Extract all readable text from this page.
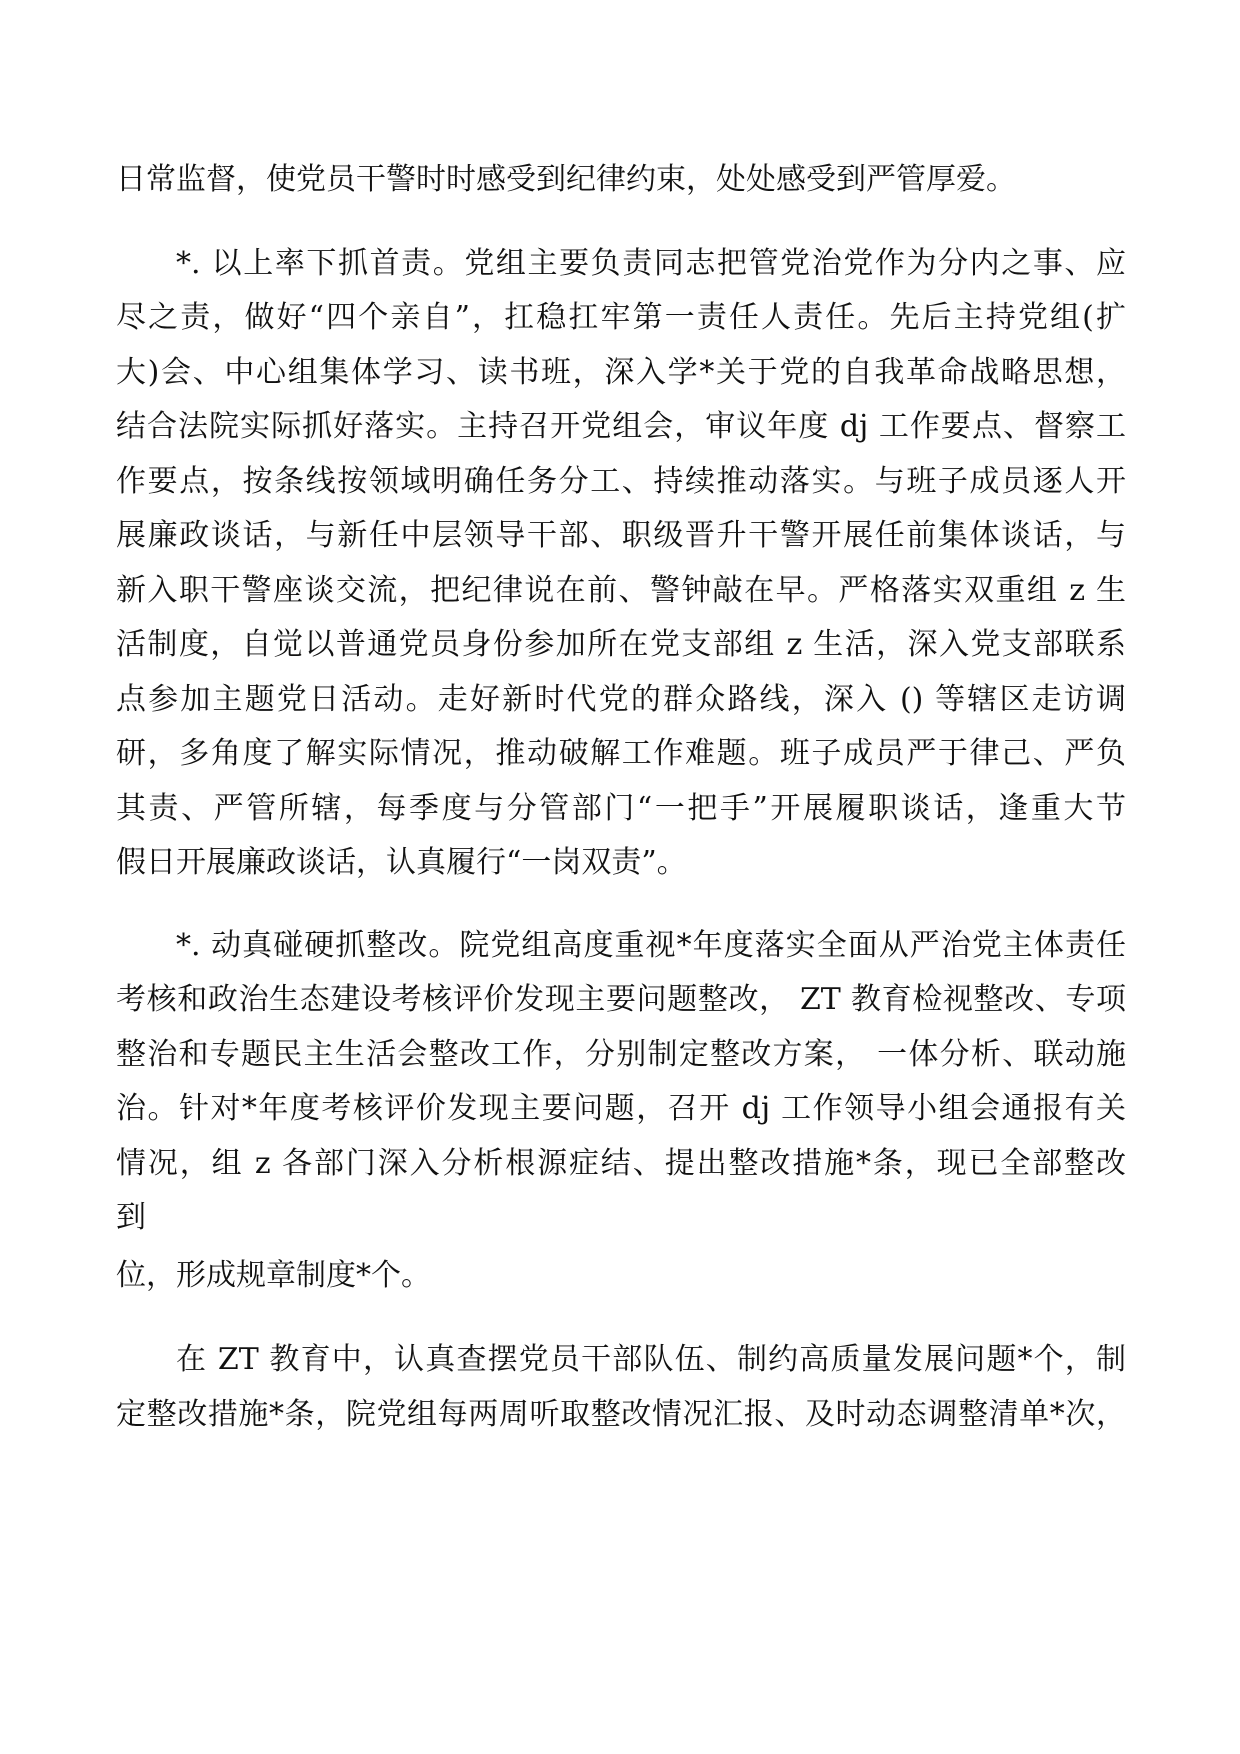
日常监督，使党员干警时时感受到纪律约束，处处感受到严管厚爱。
*. 以上率下抓首责。党组主要负责同志把管党治党作为分内之事、应
尽之责，做好“四个亲自”，扛稳扛牢第一责任人责任。先后主持党组(扩
大)会、中心组集体学习、读书班，深入学*关于党的自我革命战略思想，
结合法院实际抓好落实。主持召开党组会，审议年度 dj 工作要点、督察工
作要点，按条线按领域明确任务分工、持续推动落实。与班子成员逐人开
展廉政谈话，与新任中层领导干部、职级晋升干警开展任前集体谈话，与
新入职干警座谈交流，把纪律说在前、警钟敲在早。严格落实双重组 z 生
活制度，自觉以普通党员身份参加所在党支部组 z 生活，深入党支部联系
点参加主题党日活动。走好新时代党的群众路线，深入 () 等辖区走访调
研，多角度了解实际情况，推动破解工作难题。班子成员严于律己、严负
其责、严管所辖，每季度与分管部门“一把手”开展履职谈话，逢重大节
假日开展廉政谈话，认真履行“一岗双责”。
*. 动真碰硬抓整改。院党组高度重视*年度落实全面从严治党主体责任
考核和政治生态建设考核评价发现主要问题整改， ZT 教育检视整改、专项
整治和专题民主生活会整改工作，分别制定整改方案， 一体分析、联动施
治。针对*年度考核评价发现主要问题，召开 dj 工作领导小组会通报有关
情况，组 z 各部门深入分析根源症结、提出整改措施*条，现已全部整改
到
位，形成规章制度*个。
在 ZT 教育中，认真查摆党员干部队伍、制约高质量发展问题*个，制
定整改措施*条，院党组每两周听取整改情况汇报、及时动态调整清单*次，
